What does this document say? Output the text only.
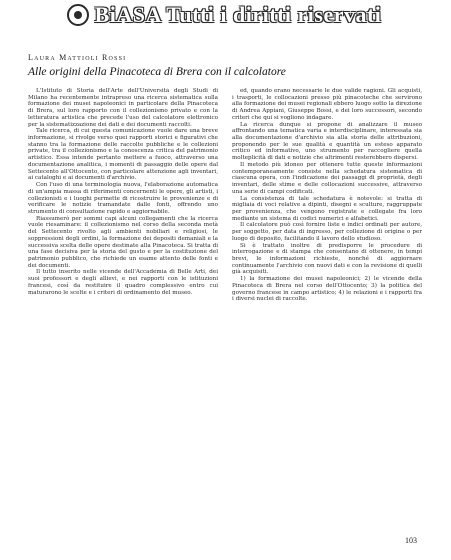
BiASA Tutti i diritti riservati
Laura Mattioli Rossi
Alle origini della Pinacoteca di Brera con il calcolatore

L'Istituto di Storia dell'Arte dell'Università degli Studi di Milano ha recentemente intrapreso una ricerca sistematica sulla formazione dei musei napoleonici in particolare della Pinacoteca di Brera, sul loro rapporto con il collezionismo privato e con la letteratura artistica che precede l'uso del calcolatore elettronico per la sistematizzazione dei dati e dei documenti raccolti.

Tale ricerca, di cui questa comunicazione vuole dare una breve informazione, si rivolge verso quei rapporti storici e figurativi che stanno tra la formazione delle raccolte pubbliche e le collezioni private, tra il collezionismo e la conoscenza critica del patrimonio artistico. Essa intende pertanto mettere a fuoco, attraverso una documentazione analitica, i momenti di passaggio delle opere dal Settecento all'Ottocento, con particolare attenzione agli inventari, ai cataloghi e ai documenti d'archivio.

Con l'uso di una terminologia nuova, l'elaborazione automatica di un'ampia massa di riferimenti concernenti le opere, gli artisti, i collezionisti e i luoghi permette di ricostruire le provenienze e di verificare le notizie tramandate dalle fonti, offrendo uno strumento di consultazione rapido e aggiornabile.

Riassumerò per sommi capi alcuni collegamenti che la ricerca vuole riesaminare: il collezionismo nel corso della seconda metà del Settecento rivolto agli ambienti nobiliari e religiosi, le soppressioni degli ordini, la formazione dei depositi demaniali e la successiva scelta delle opere destinate alla Pinacoteca. Si tratta di una fase decisiva per la storia del gusto e per la costituzione del patrimonio pubblico, che richiede un esame attento delle fonti e dei documenti.

Il tutto inserito nelle vicende dell'Accademia di Belle Arti, dei suoi professori e degli allievi, e nei rapporti con le istituzioni francesi, così da restituire il quadro complessivo entro cui maturarono le scelte e i criteri di ordinamento del museo.

ed, quando erano necessarie le due valide ragioni. Gli acquisti, i trasporti, le collocazioni presso più pinacoteche che servirono alla formazione dei musei regionali ebbero luogo sotto la direzione di Andrea Appiani, Giuseppe Bossi, e dei loro successori, secondo criteri che qui si vogliono indagare.

La ricerca dunque si propone di analizzare il museo affrontando una tematica varia e interdisciplinare, interessata sia alla documentazione d'archivio sia alla storia delle attribuzioni, proponendo per le sue qualità e quantità un esteso apparato critico ed informativo, uno strumento per raccogliere quella molteplicità di dati e notizie che altrimenti resterebbero dispersi.

Il metodo più idoneo per ottenere tutte queste informazioni contemporaneamente consiste nella schedatura sistematica di ciascuna opera, con l'indicazione dei passaggi di proprietà, degli inventari, delle stime e delle collocazioni successive, attraverso una serie di campi codificati.

La consistenza di tale schedatura è notevole: si tratta di migliaia di voci relative a dipinti, disegni e sculture, raggruppate per provenienza, che vengono registrate e collegate fra loro mediante un sistema di codici numerici e alfabetici.

Il calcolatore può così fornire liste e indici ordinati per autore, per soggetto, per data di ingresso, per collezione di origine o per luogo di deposito, facilitando il lavoro dello studioso.

Si è trattato inoltre di predisporre le procedure di interrogazione e di stampa che consentano di ottenere, in tempi brevi, le informazioni richieste, nonché di aggiornare continuamente l'archivio con nuovi dati e con la revisione di quelli già acquisiti.

1) la formazione dei musei napoleonici; 2) le vicende della Pinacoteca di Brera nel corso dell'Ottocento; 3) la politica del governo francese in campo artistico; 4) le relazioni e i rapporti fra i diversi nuclei di raccolte.

103
